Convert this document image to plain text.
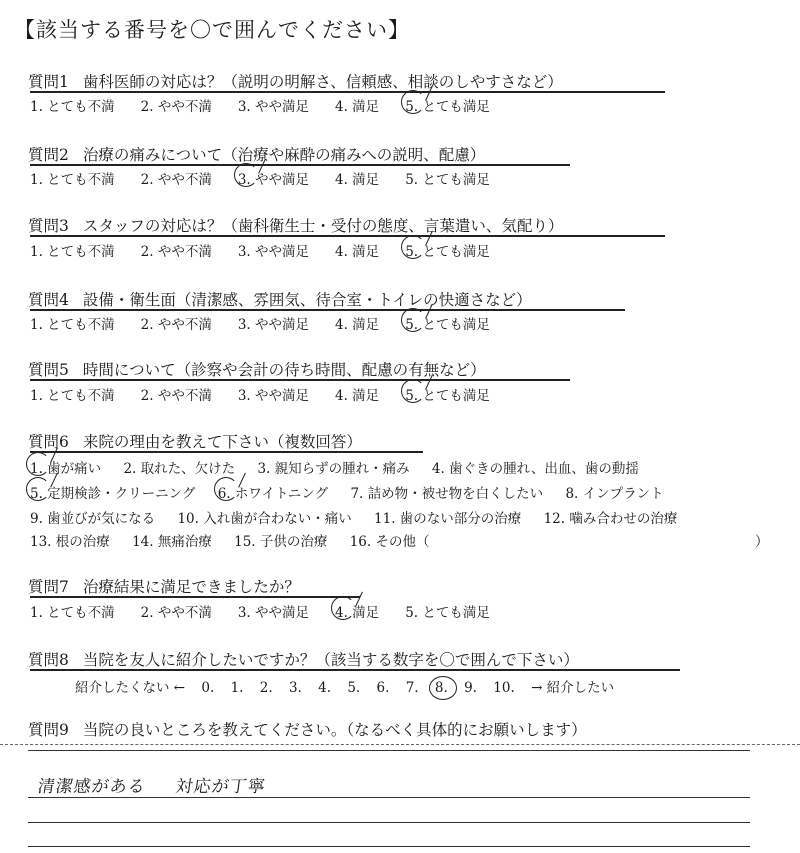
【該当する番号を〇で囲んでください】
質問1 歯科医師の対応は？（説明の明解さ、信頼感、相談のしやすさなど）
1. とても不満 2. やや不満 3. やや満足 4. 満足 5. とても満足
質問2 治療の痛みについて（治療や麻酔の痛みへの説明、配慮）
1. とても不満 2. やや不満 3. やや満足 4. 満足 5. とても満足
質問3 スタッフの対応は？（歯科衛生士・受付の態度、言葉遣い、気配り）
1. とても不満 2. やや不満 3. やや満足 4. 満足 5. とても満足
質問4 設備・衛生面（清潔感、雰囲気、待合室・トイレの快適さなど）
1. とても不満 2. やや不満 3. やや満足 4. 満足 5. とても満足
質問5 時間について（診察や会計の待ち時間、配慮の有無など）
1. とても不満 2. やや不満 3. やや満足 4. 満足 5. とても満足
質問6 来院の理由を教えて下さい（複数回答）
1. 歯が痛い 2. 取れた、欠けた 3. 親知らずの腫れ・痛み 4. 歯ぐきの腫れ、出血、歯の動揺
5. 定期検診・クリーニング 6. ホワイトニング 7. 詰め物・被せ物を白くしたい 8. インプラント
9. 歯並びが気になる 10. 入れ歯が合わない・痛い 11. 歯のない部分の治療 12. 噛み合わせの治療
13. 根の治療 14. 無痛治療 15. 子供の治療 16. その他（	）
質問7 治療結果に満足できましたか？
1. とても不満 2. やや不満 3. やや満足 4. 満足 5. とても満足
質問8 当院を友人に紹介したいですか？（該当する数字を〇で囲んで下さい）
紹介したくない ← 0. 1. 2. 3. 4. 5. 6. 7. 8. 9. 10. → 紹介したい
質問9 当院の良いところを教えてください。（なるべく具体的にお願いします）
清潔感がある 対応が丁寧
